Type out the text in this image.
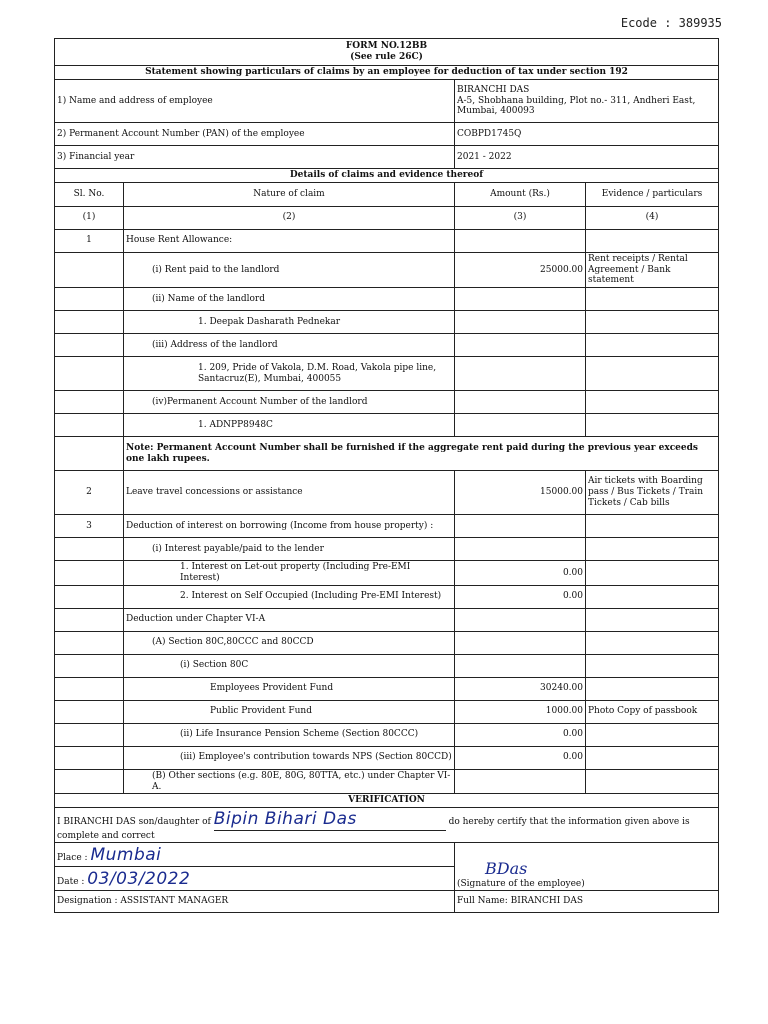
Ecode : 389935
FORM NO.12BB
(See rule 26C)			

Statement showing particulars of claims by an employee for deduction of tax under section 192			
1) Name and address of employee		BIRANCHI DAS
A-5, Shobhana building, Plot no.- 311, Andheri East,
Mumbai, 400093	

2) Permanent Account Number (PAN) of the employee		COBPD1745Q	
3) Financial year		2021 - 2022	
Details of claims and evidence thereof			
Sl. No.	Nature of claim	Amount (Rs.)	Evidence / particulars
(1)	(2)	(3)	(4)
1	House Rent Allowance:		
	(i) Rent paid to the landlord	25000.00	Rent receipts / Rental Agreement / Bank statement
	(ii) Name of the landlord		
	1. Deepak Dasharath Pednekar		
	(iii) Address of the landlord		

	1. 209, Pride of Vakola, D.M. Road, Vakola pipe line,
Santacruz(E), Mumbai, 400055		

	(iv)Permanent Account Number of the landlord		
	1. ADNPP8948C		
	Note: Permanent Account Number shall be furnished if the aggregate rent paid during the previous year exceeds one lakh rupees.		
2	Leave travel concessions or assistance	15000.00	Air tickets with Boarding pass / Bus Tickets / Train Tickets / Cab bills
3	Deduction of interest on borrowing (Income from house property) :		
	(i) Interest payable/paid to the lender		
	1. Interest on Let-out property (Including Pre-EMI Interest)	0.00	
	2. Interest on Self Occupied (Including Pre-EMI Interest)	0.00	
	Deduction under Chapter VI-A		
	(A) Section 80C,80CCC and 80CCD		
	(i) Section 80C		
	Employees Provident Fund	30240.00	
	Public Provident Fund	1000.00	Photo Copy of passbook
	(ii) Life Insurance Pension Scheme (Section 80CCC)	0.00	
	(iii) Employee's contribution towards NPS (Section 80CCD)	0.00	
	(B) Other sections (e.g. 80E, 80G, 80TTA, etc.) under Chapter VI-A.		
VERIFICATION			

I BIRANCHI DAS son/daughter of Bipin Bihari Das do hereby certify that the information given above is
complete and correct			

Place : Mumbai		BDas
(Signature of the employee)	

Date : 03/03/2022			
Designation : ASSISTANT MANAGER		Full Name: BIRANCHI DAS	
